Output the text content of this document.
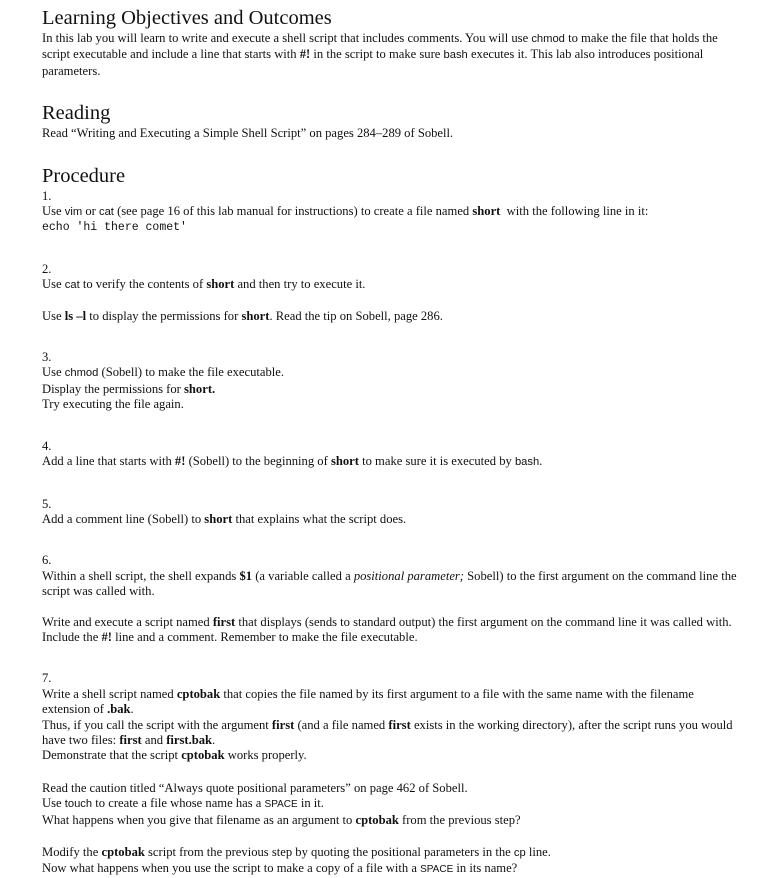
Learning Objectives and Outcomes

In this lab you will learn to write and execute a shell script that includes comments. You will use chmod to make the file that holds the script executable and include a line that starts with #! in the script to make sure bash executes it. This lab also introduces positional parameters.

Reading

Read “Writing and Executing a Simple Shell Script” on pages 284–289 of Sobell.

Procedure

1.

Use vim or cat (see page 16 of this lab manual for instructions) to create a file named short with the following line in it:

echo 'hi there comet'

2.

Use cat to verify the contents of short and then try to execute it.

Use ls –l to display the permissions for short. Read the tip on Sobell, page 286.

3.

Use chmod (Sobell) to make the file executable.

Display the permissions for short.

Try executing the file again.

4.

Add a line that starts with #! (Sobell) to the beginning of short to make sure it is executed by bash.

5.

Add a comment line (Sobell) to short that explains what the script does.

6.

Within a shell script, the shell expands $1 (a variable called a positional parameter; Sobell) to the first argument on the command line the script was called with.

Write and execute a script named first that displays (sends to standard output) the first argument on the command line it was called with. Include the #! line and a comment. Remember to make the file executable.

7.

Write a shell script named cptobak that copies the file named by its first argument to a file with the same name with the filename extension of .bak.

Thus, if you call the script with the argument first (and a file named first exists in the working directory), after the script runs you would have two files: first and first.bak.

Demonstrate that the script cptobak works properly.

Read the caution titled “Always quote positional parameters” on page 462 of Sobell.

Use touch to create a file whose name has a SPACE in it.

What happens when you give that filename as an argument to cptobak from the previous step?

Modify the cptobak script from the previous step by quoting the positional parameters in the cp line.

Now what happens when you use the script to make a copy of a file with a SPACE in its name?
